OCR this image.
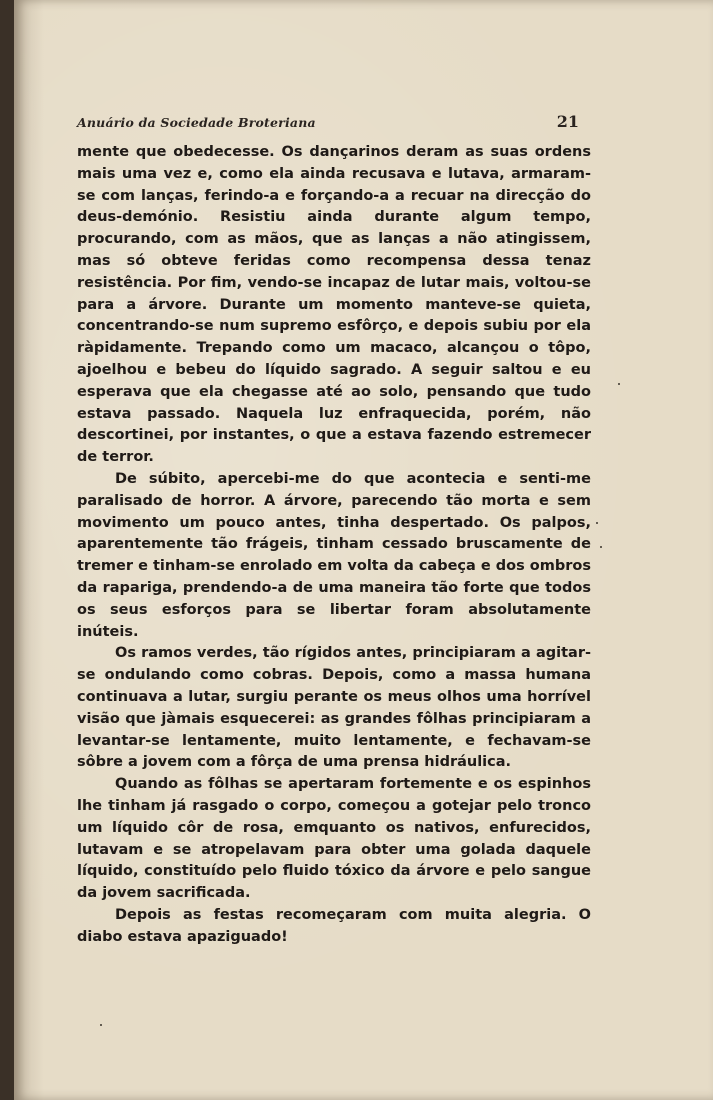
Anuário da Sociedade Broteriana	21

mente que obedecesse. Os dançarinos deram as suas ordens mais uma vez e, como ela ainda recusava e lutava, armaram-se com lanças, ferindo-a e forçando-a a recuar na direcção do deus-demónio. Resistiu ainda durante algum tempo, procurando, com as mãos, que as lanças a não atingissem, mas só obteve feridas como recompensa dessa tenaz resistência. Por fim, vendo-se incapaz de lutar mais, voltou-se para a árvore. Durante um momento manteve-se quieta, concentrando-se num supremo esfôrço, e depois subiu por ela ràpidamente. Trepando como um macaco, alcançou o tôpo, ajoelhou e bebeu do líquido sagrado. A seguir saltou e eu esperava que ela chegasse até ao solo, pensando que tudo estava passado. Naquela luz enfraquecida, porém, não descortinei, por instantes, o que a estava fazendo estremecer de terror.

De súbito, apercebi-me do que acontecia e senti-me paralisado de horror. A árvore, parecendo tão morta e sem movimento um pouco antes, tinha despertado. Os palpos, aparentemente tão frágeis, tinham cessado bruscamente de tremer e tinham-se enrolado em volta da cabeça e dos ombros da rapariga, prendendo-a de uma maneira tão forte que todos os seus esforços para se libertar foram absolutamente inúteis.

Os ramos verdes, tão rígidos antes, principiaram a agitar-se ondulando como cobras. Depois, como a massa humana continuava a lutar, surgiu perante os meus olhos uma horrível visão que jàmais esquecerei: as grandes fôlhas principiaram a levantar-se lentamente, muito lentamente, e fechavam-se sôbre a jovem com a fôrça de uma prensa hidráulica.

Quando as fôlhas se apertaram fortemente e os espinhos lhe tinham já rasgado o corpo, começou a gotejar pelo tronco um líquido côr de rosa, emquanto os nativos, enfurecidos, lutavam e se atropelavam para obter uma golada daquele líquido, constituído pelo fluido tóxico da árvore e pelo sangue da jovem sacrificada.

Depois as festas recomeçaram com muita alegria. O diabo estava apaziguado!
